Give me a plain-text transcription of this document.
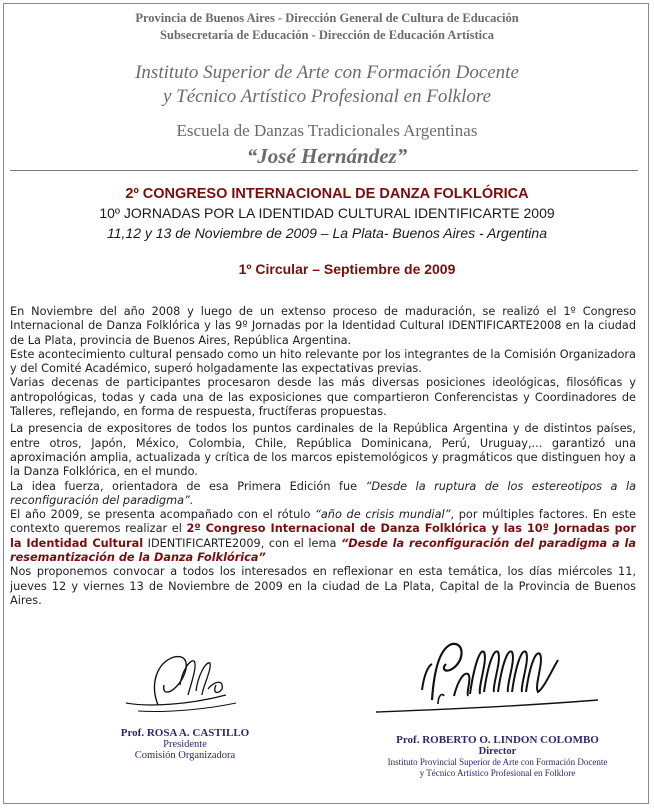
Provincia de Buenos Aires - Dirección General de Cultura de Educación
Subsecretaría de Educación - Dirección de Educación Artística
Instituto Superior de Arte con Formación Docente
y Técnico Artístico Profesional en Folklore
Escuela de Danzas Tradicionales Argentinas
“José Hernández”
2º CONGRESO INTERNACIONAL DE DANZA FOLKLÓRICA
10º JORNADAS POR LA IDENTIDAD CULTURAL IDENTIFICARTE 2009
11,12 y 13 de Noviembre de 2009 – La Plata- Buenos Aires - Argentina
1º Circular – Septiembre de 2009

En Noviembre del año 2008 y luego de un extenso proceso de maduración, se realizó el 1º Congreso Internacional de Danza Folklórica y las 9º Jornadas por la Identidad Cultural IDENTIFICARTE2008 en la ciudad de La Plata, provincia de Buenos Aires, República Argentina.

Este acontecimiento cultural pensado como un hito relevante por los integrantes de la Comisión Organizadora y del Comité Académico, superó holgadamente las expectativas previas.

Varias decenas de participantes procesaron desde las más diversas posiciones ideológicas, filosóficas y antropológicas, todas y cada una de las exposiciones que compartieron Conferencistas y Coordinadores de Talleres, reflejando, en forma de respuesta, fructíferas propuestas.

La presencia de expositores de todos los puntos cardinales de la República Argentina y de distintos países, entre otros, Japón, México, Colombia, Chile, República Dominicana, Perú, Uruguay,... garantizó una aproximación amplia, actualizada y crítica de los marcos epistemológicos y pragmáticos que distinguen hoy a la Danza Folklórica, en el mundo.

La idea fuerza, orientadora de esa Primera Edición fue “Desde la ruptura de los estereotipos a la reconfiguración del paradigma”.

El año 2009, se presenta acompañado con el rótulo “año de crisis mundial”, por múltiples factores. En este contexto queremos realizar el 2º Congreso Internacional de Danza Folklórica y las 10º Jornadas por la Identidad Cultural IDENTIFICARTE2009, con el lema “Desde la reconfiguración del paradigma a la resemantización de la Danza Folklórica”

Nos proponemos convocar a todos los interesados en reflexionar en esta temática, los días miércoles 11, jueves 12 y viernes 13 de Noviembre de 2009 en la ciudad de La Plata, Capital de la Provincia de Buenos Aires.

Prof. ROSA A. CASTILLO
Presidente
Comisión Organizadora
Prof. ROBERTO O. LINDON COLOMBO
Director
Instituto Provincial Superior de Arte con Formación Docente
y Técnico Artístico Profesional en Folklore
